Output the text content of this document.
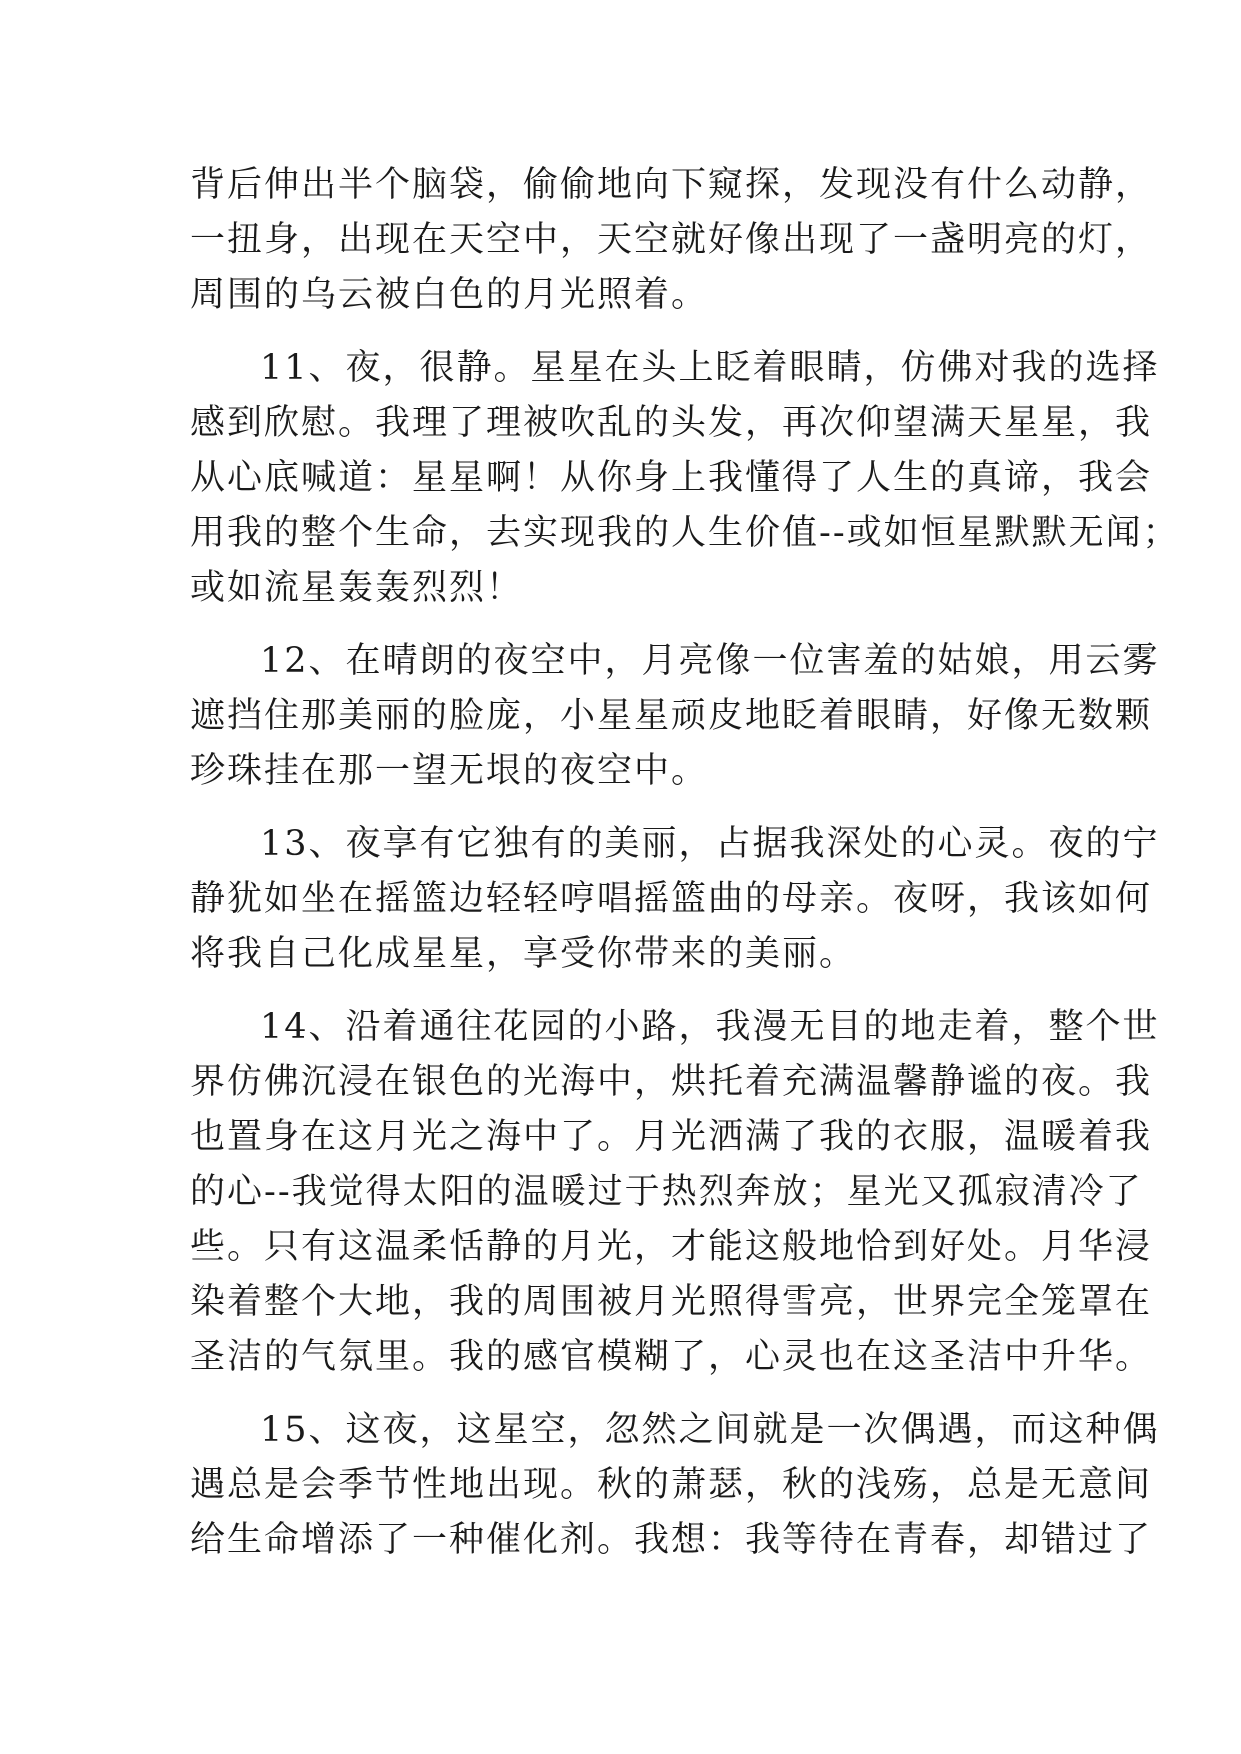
背后伸出半个脑袋，偷偷地向下窥探，发现没有什么动静，
一扭身，出现在天空中，天空就好像出现了一盏明亮的灯，
周围的乌云被白色的月光照着。
11、夜，很静。星星在头上眨着眼睛，仿佛对我的选择
感到欣慰。我理了理被吹乱的头发，再次仰望满天星星，我
从心底喊道：星星啊！从你身上我懂得了人生的真谛，我会
用我的整个生命，去实现我的人生价值--或如恒星默默无闻；
或如流星轰轰烈烈！
12、在晴朗的夜空中，月亮像一位害羞的姑娘，用云雾
遮挡住那美丽的脸庞，小星星顽皮地眨着眼睛，好像无数颗
珍珠挂在那一望无垠的夜空中。
13、夜享有它独有的美丽，占据我深处的心灵。夜的宁
静犹如坐在摇篮边轻轻哼唱摇篮曲的母亲。夜呀，我该如何
将我自己化成星星，享受你带来的美丽。
14、沿着通往花园的小路，我漫无目的地走着，整个世
界仿佛沉浸在银色的光海中，烘托着充满温馨静谧的夜。我
也置身在这月光之海中了。月光洒满了我的衣服，温暖着我
的心--我觉得太阳的温暖过于热烈奔放；星光又孤寂清冷了
些。只有这温柔恬静的月光，才能这般地恰到好处。月华浸
染着整个大地，我的周围被月光照得雪亮，世界完全笼罩在
圣洁的气氛里。我的感官模糊了，心灵也在这圣洁中升华。
15、这夜，这星空，忽然之间就是一次偶遇，而这种偶
遇总是会季节性地出现。秋的萧瑟，秋的浅殇，总是无意间
给生命增添了一种催化剂。我想：我等待在青春，却错过了
